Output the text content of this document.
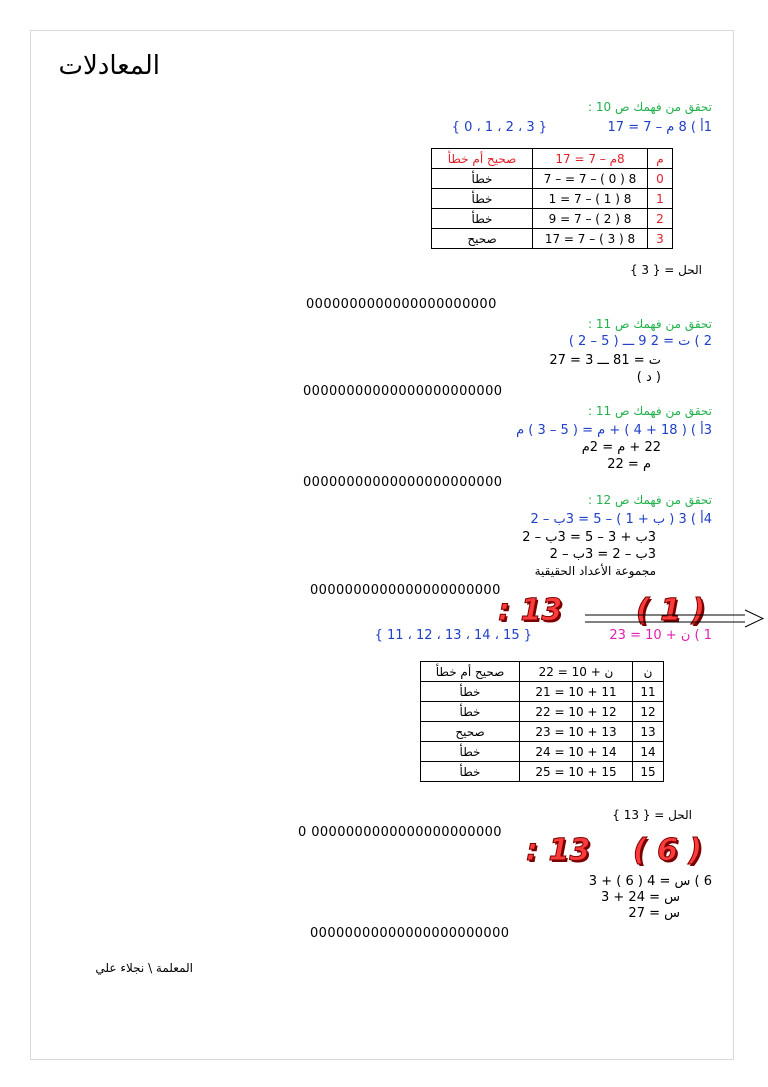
المعادلات
تحقق من فهمك ص 10 :
1أ ) 8 م – 7 = 17
{ 3 ، 2 ، 1 ، 0 }
م	8م – 7 = 17	صحيح أم خطأ
0	8 ( 0 ) – 7 = – 7	خطأ
1	8 ( 1 ) – 7 = 1	خطأ
2	8 ( 2 ) – 7 = 9	خطأ
3	8 ( 3 ) – 7 = 17	صحيح
الحل = { 3 }
0000000000000000000000
تحقق من فهمك ص 11 :
2 ) ت = 2 9 ـــ ( 5 – 2 )
ت = 81 ـــ 3 = 27
( د )
00000000000000000000000
تحقق من فهمك ص 11 :
3أ ) ( 18 + 4 ) + م = ( 5 – 3 ) م
22 + م = 2م
م = 22
00000000000000000000000
تحقق من فهمك ص 12 :
4أ ) 3 ( ب + 1 ) – 5 = 3ب – 2
3ب + 3 – 5 = 3ب – 2
3ب – 2 = 3ب – 2
مجموعة الأعداد الحقيقية
0000000000000000000000
: 13 ( 1 )
1 ) ن + 10 = 23
{ 15 ، 14 ، 13 ، 12 ، 11 }
ن	ن + 10 = 22	صحيح أم خطأ
11	11 + 10 = 21	خطأ
12	12 + 10 = 22	خطأ
13	13 + 10 = 23	صحيح
14	14 + 10 = 24	خطأ
15	15 + 10 = 25	خطأ
الحل = { 13 }
0 0000000000000000000000
: 13 ( 6 )
6 ) س = 4 ( 6 ) + 3
س = 24 + 3
س = 27
00000000000000000000000
المعلمة \ نجلاء علي
